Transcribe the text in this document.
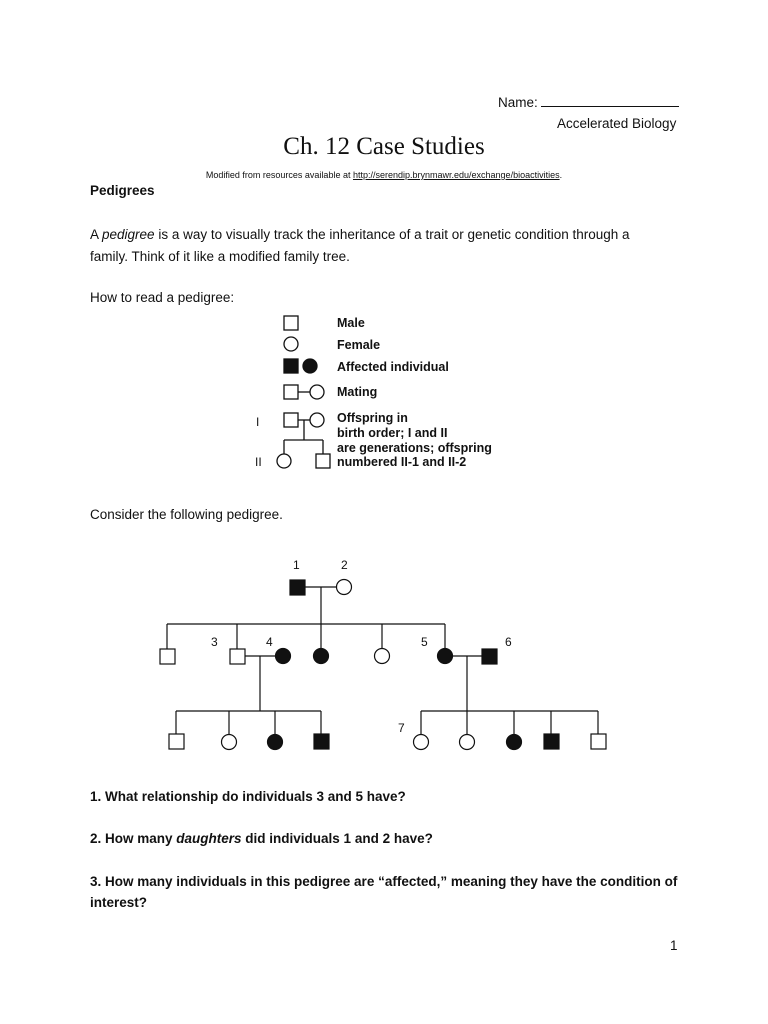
Name:
Accelerated Biology
Ch. 12 Case Studies
Modified from resources available at http://serendip.brynmawr.edu/exchange/bioactivities.
Pedigrees
A pedigree is a way to visually track the inheritance of a trait or genetic condition through a family. Think of it like a modified family tree.
How to read a pedigree:
Male
Female
Affected individual
Mating
Offspring in
birth order; I and II
are generations; offspring
numbered II-1 and II-2
I
II
Consider the following pedigree.
1	2
3	4	5	6
7
1. What relationship do individuals 3 and 5 have?
2. How many daughters did individuals 1 and 2 have?
3. How many individuals in this pedigree are “affected,” meaning they have the condition of interest?
1
